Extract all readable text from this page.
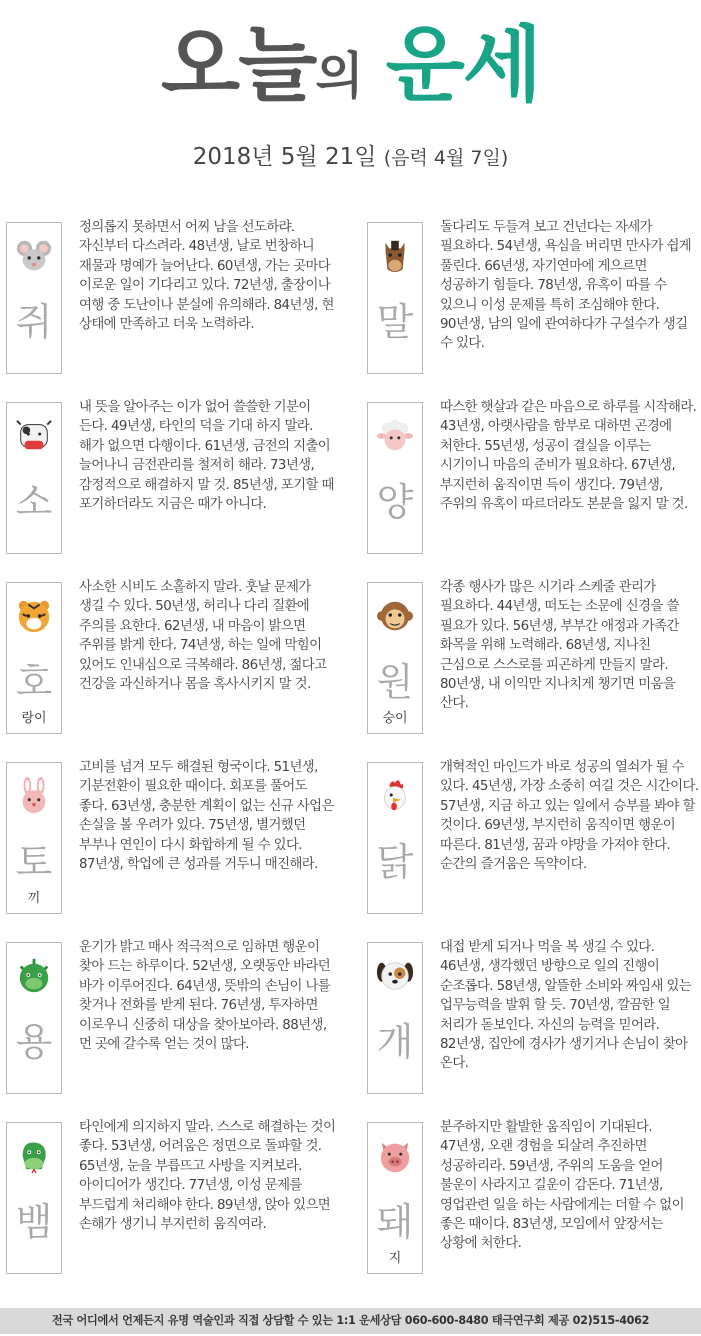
오늘의 운세
2018년 5월 21일 (음력 4월 7일)
쥐
정의롭지 못하면서 어찌 남을 선도하랴. 자신부터 다스려라. 48년생, 날로 번창하니 재물과 명예가 늘어난다. 60년생, 가는 곳마다 이로운 일이 기다리고 있다. 72년생, 출장이나 여행 중 도난이나 분실에 유의해라. 84년생, 현 상태에 만족하고 더욱 노력하라.	말
돌다리도 두들겨 보고 건넌다는 자세가 필요하다. 54년생, 욕심을 버리면 만사가 쉽게 풀린다. 66년생, 자기연마에 게으르면 성공하기 힘들다. 78년생, 유혹이 따를 수 있으니 이성 문제를 특히 조심해야 한다. 90년생, 남의 일에 관여하다가 구설수가 생길 수 있다.
소
내 뜻을 알아주는 이가 없어 쓸쓸한 기분이 든다. 49년생, 타인의 덕을 기대 하지 말라. 해가 없으면 다행이다. 61년생, 금전의 지출이 늘어나니 금전관리를 철저히 해라. 73년생, 감정적으로 해결하지 말 것. 85년생, 포기할 때 포기하더라도 지금은 때가 아니다.	양
따스한 햇살과 같은 마음으로 하루를 시작해라. 43년생, 아랫사람을 함부로 대하면 곤경에 처한다. 55년생, 성공이 결실을 이루는 시기이니 마음의 준비가 필요하다. 67년생, 부지런히 움직이면 득이 생긴다. 79년생, 주위의 유혹이 따르더라도 본분을 잃지 말 것.
호
랑이
사소한 시비도 소홀하지 말라. 훗날 문제가 생길 수 있다. 50년생, 허리나 다리 질환에 주의를 요한다. 62년생, 내 마음이 밝으면 주위를 밝게 한다. 74년생, 하는 일에 막힘이 있어도 인내심으로 극복해라. 86년생, 젊다고 건강을 과신하거나 몸을 혹사시키지 말 것.	원
숭이
각종 행사가 많은 시기라 스케줄 관리가 필요하다. 44년생, 떠도는 소문에 신경을 쓸 필요가 있다. 56년생, 부부간 애정과 가족간 화목을 위해 노력해라. 68년생, 지나친 근심으로 스스로를 피곤하게 만들지 말라. 80년생, 내 이익만 지나치게 챙기면 미움을 산다.
토
끼
고비를 넘겨 모두 해결된 형국이다. 51년생, 기분전환이 필요한 때이다. 회포를 풀어도 좋다. 63년생, 충분한 계획이 없는 신규 사업은 손실을 볼 우려가 있다. 75년생, 별거했던 부부나 연인이 다시 화합하게 될 수 있다. 87년생, 학업에 큰 성과를 거두니 매진해라.	닭
개혁적인 마인드가 바로 성공의 열쇠가 될 수 있다. 45년생, 가장 소중히 여길 것은 시간이다. 57년생, 지금 하고 있는 일에서 승부를 봐야 할 것이다. 69년생, 부지런히 움직이면 행운이 따른다. 81년생, 꿈과 야망을 가져야 한다. 순간의 즐거움은 독약이다.
용
운기가 밝고 매사 적극적으로 임하면 행운이 찾아 드는 하루이다. 52년생, 오랫동안 바라던 바가 이루어진다. 64년생, 뜻밖의 손님이 나를 찾거나 전화를 받게 된다. 76년생, 투자하면 이로우니 신중히 대상을 찾아보아라. 88년생, 먼 곳에 갈수록 얻는 것이 많다.	개
대접 받게 되거나 먹을 복 생길 수 있다. 46년생, 생각했던 방향으로 일의 진행이 순조롭다. 58년생, 알뜰한 소비와 짜임새 있는 업무능력을 발휘 할 듯. 70년생, 깔끔한 일 처리가 돋보인다. 자신의 능력을 믿어라. 82년생, 집안에 경사가 생기거나 손님이 찾아 온다.
뱀
타인에게 의지하지 말라. 스스로 해결하는 것이 좋다. 53년생, 어려움은 정면으로 돌파할 것. 65년생, 눈을 부릅뜨고 사방을 지켜보라. 아이디어가 생긴다. 77년생, 이성 문제를 부드럽게 처리해야 한다. 89년생, 앉아 있으면 손해가 생기니 부지런히 움직여라.	돼
지
분주하지만 활발한 움직임이 기대된다. 47년생, 오랜 경험을 되살려 추진하면 성공하리라. 59년생, 주위의 도움을 얻어 불운이 사라지고 길운이 감돈다. 71년생, 영업관련 일을 하는 사람에게는 더할 수 없이 좋은 때이다. 83년생, 모임에서 앞장서는 상황에 처한다.
전국 어디에서 언제든지 유명 역술인과 직접 상담할 수 있는 1:1 운세상담 060-600-8480 태극연구회 제공 02)515-4062
